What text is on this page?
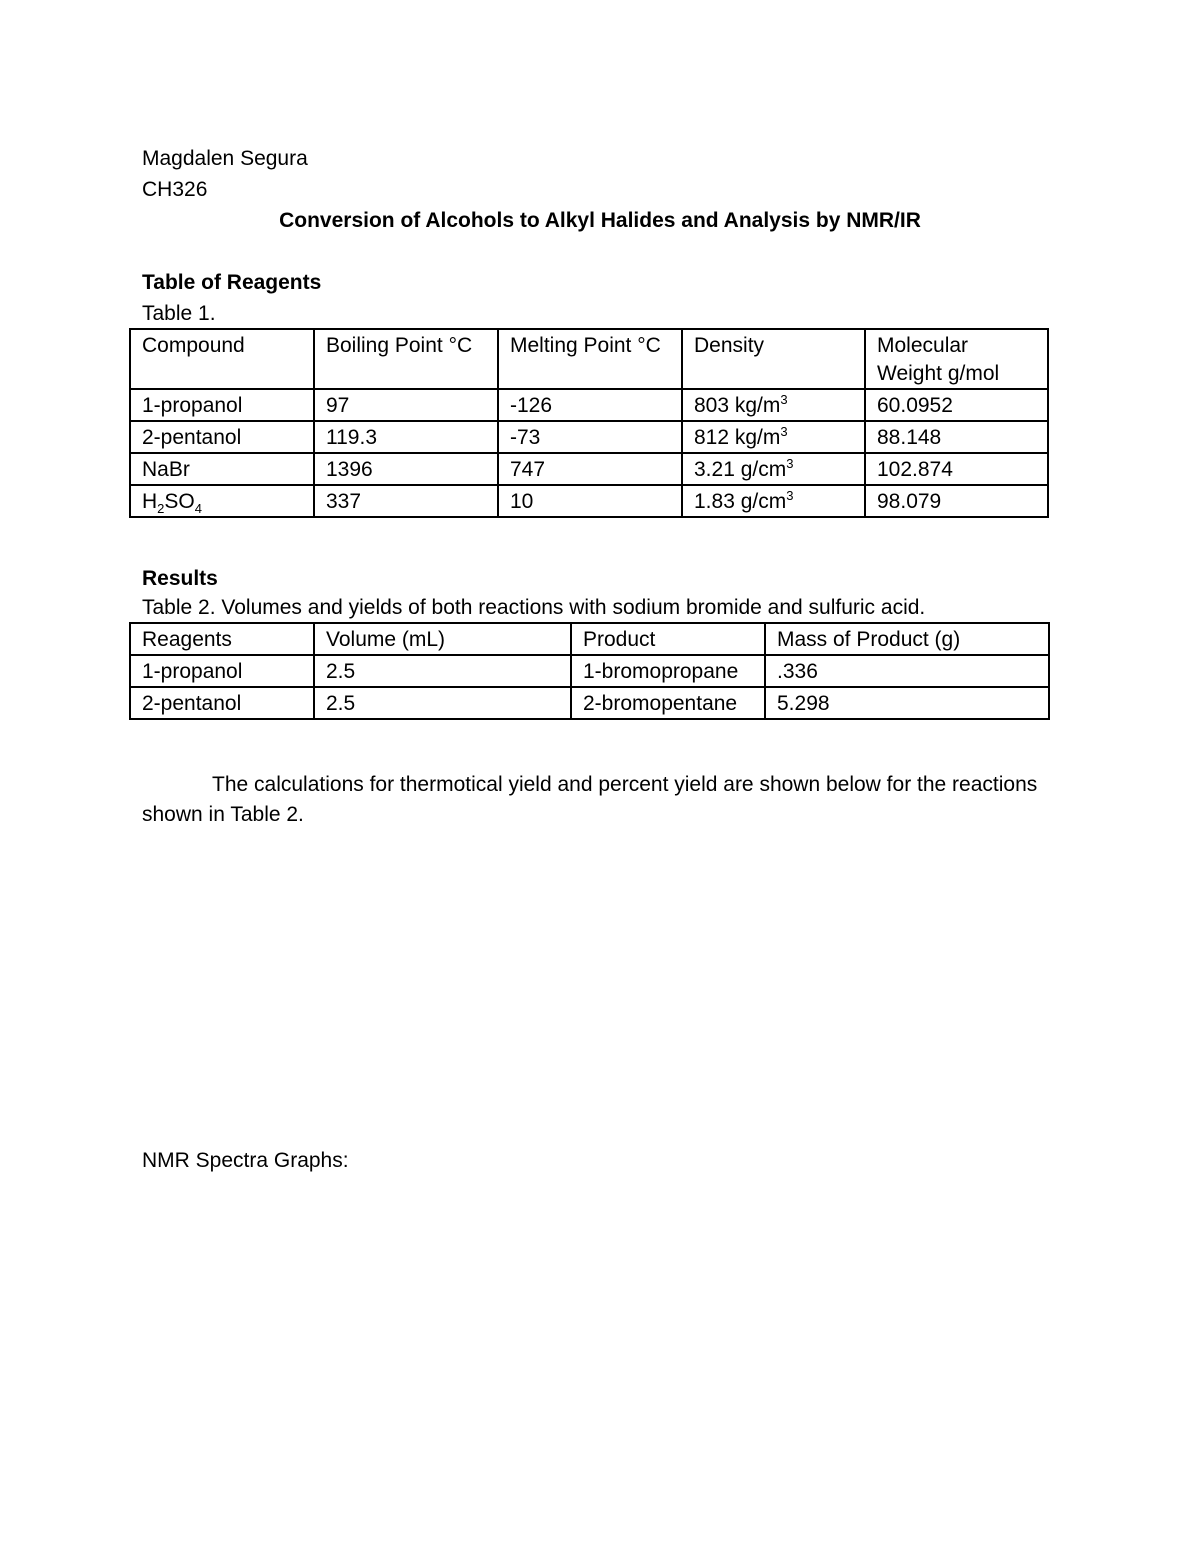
Magdalen Segura
CH326
Conversion of Alcohols to Alkyl Halides and Analysis by NMR/IR
Table of Reagents
Table 1.
Compound	Boiling Point °C	Melting Point °C	Density	Molecular Weight g/mol
1-propanol	97	-126	803 $kg/m^3$	60.0952
2-pentanol	119.3	-73	812 $kg/m^3$	88.148
NaBr	1396	747	3.21 $g/cm^3$	102.874
$H_2SO_4$	337	10	1.83 $g/cm^3$	98.079
Results
Table 2. Volumes and yields of both reactions with sodium bromide and sulfuric acid.
Reagents	Volume (mL)	Product	Mass of Product (g)
1-propanol	2.5	1-bromopropane	.336
2-pentanol	2.5	2-bromopentane	5.298
The calculations for thermotical yield and percent yield are shown below for the reactions shown in Table 2.
NMR Spectra Graphs:
